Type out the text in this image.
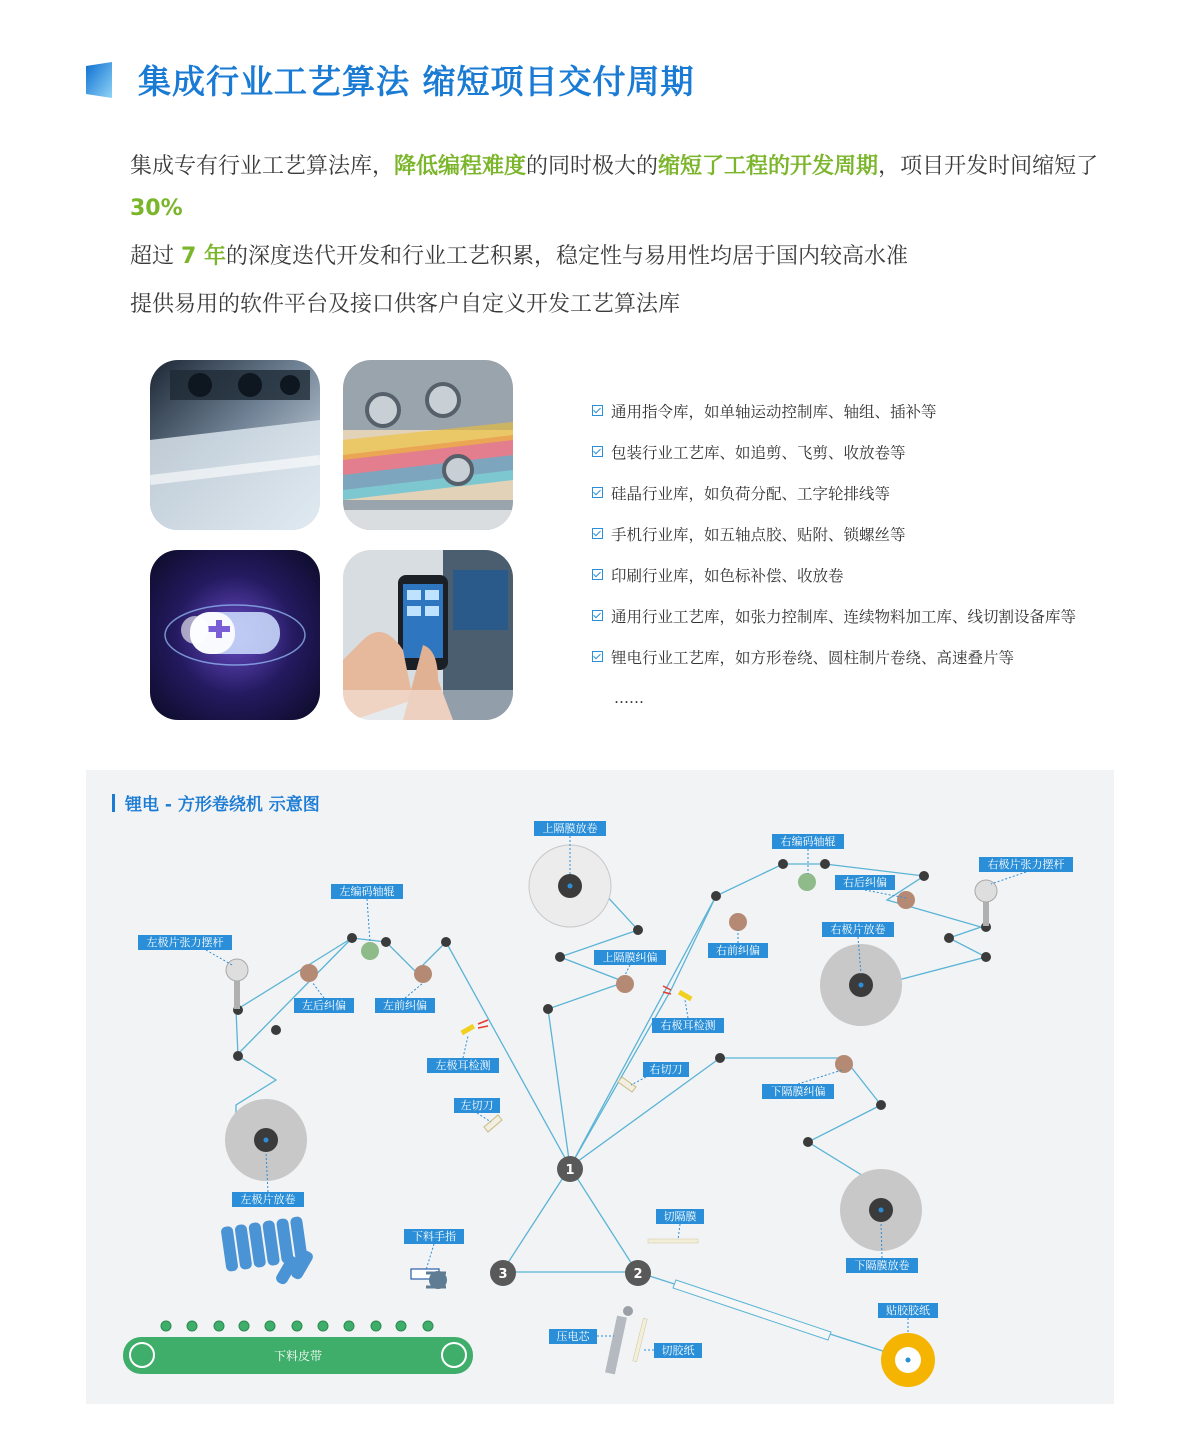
集成行业工艺算法 缩短项目交付周期

集成专有行业工艺算法库，降低编程难度的同时极大的缩短了工程的开发周期，项目开发时间缩短了 30%

超过 7 年的深度迭代开发和行业工艺积累，稳定性与易用性均居于国内较高水准

提供易用的软件平台及接口供客户自定义开发工艺算法库

通用指令库，如单轴运动控制库、轴组、插补等
包装行业工艺库、如追剪、飞剪、收放卷等
硅晶行业库，如负荷分配、工字轮排线等
手机行业库，如五轴点胶、贴附、锁螺丝等
印刷行业库，如色标补偿、收放卷
通用行业工艺库，如张力控制库、连续物料加工库、线切割设备库等
锂电行业工艺库，如方形卷绕、圆柱制片卷绕、高速叠片等
……
锂电 - 方形卷绕机 示意图
1
2
3
下料皮带
上隔膜放卷
右编码轴辊
右极片张力摆杆
右后纠偏
右前纠偏
右极片放卷
左编码轴辊
左极片张力摆杆
左后纠偏	左前纠偏
上隔膜纠偏
右极耳检测
左极耳检测	右切刀
左切刀
下隔膜纠偏
左极片放卷
切隔膜
下隔膜放卷
下料手指
贴胶胶纸
压电芯
切胶纸
